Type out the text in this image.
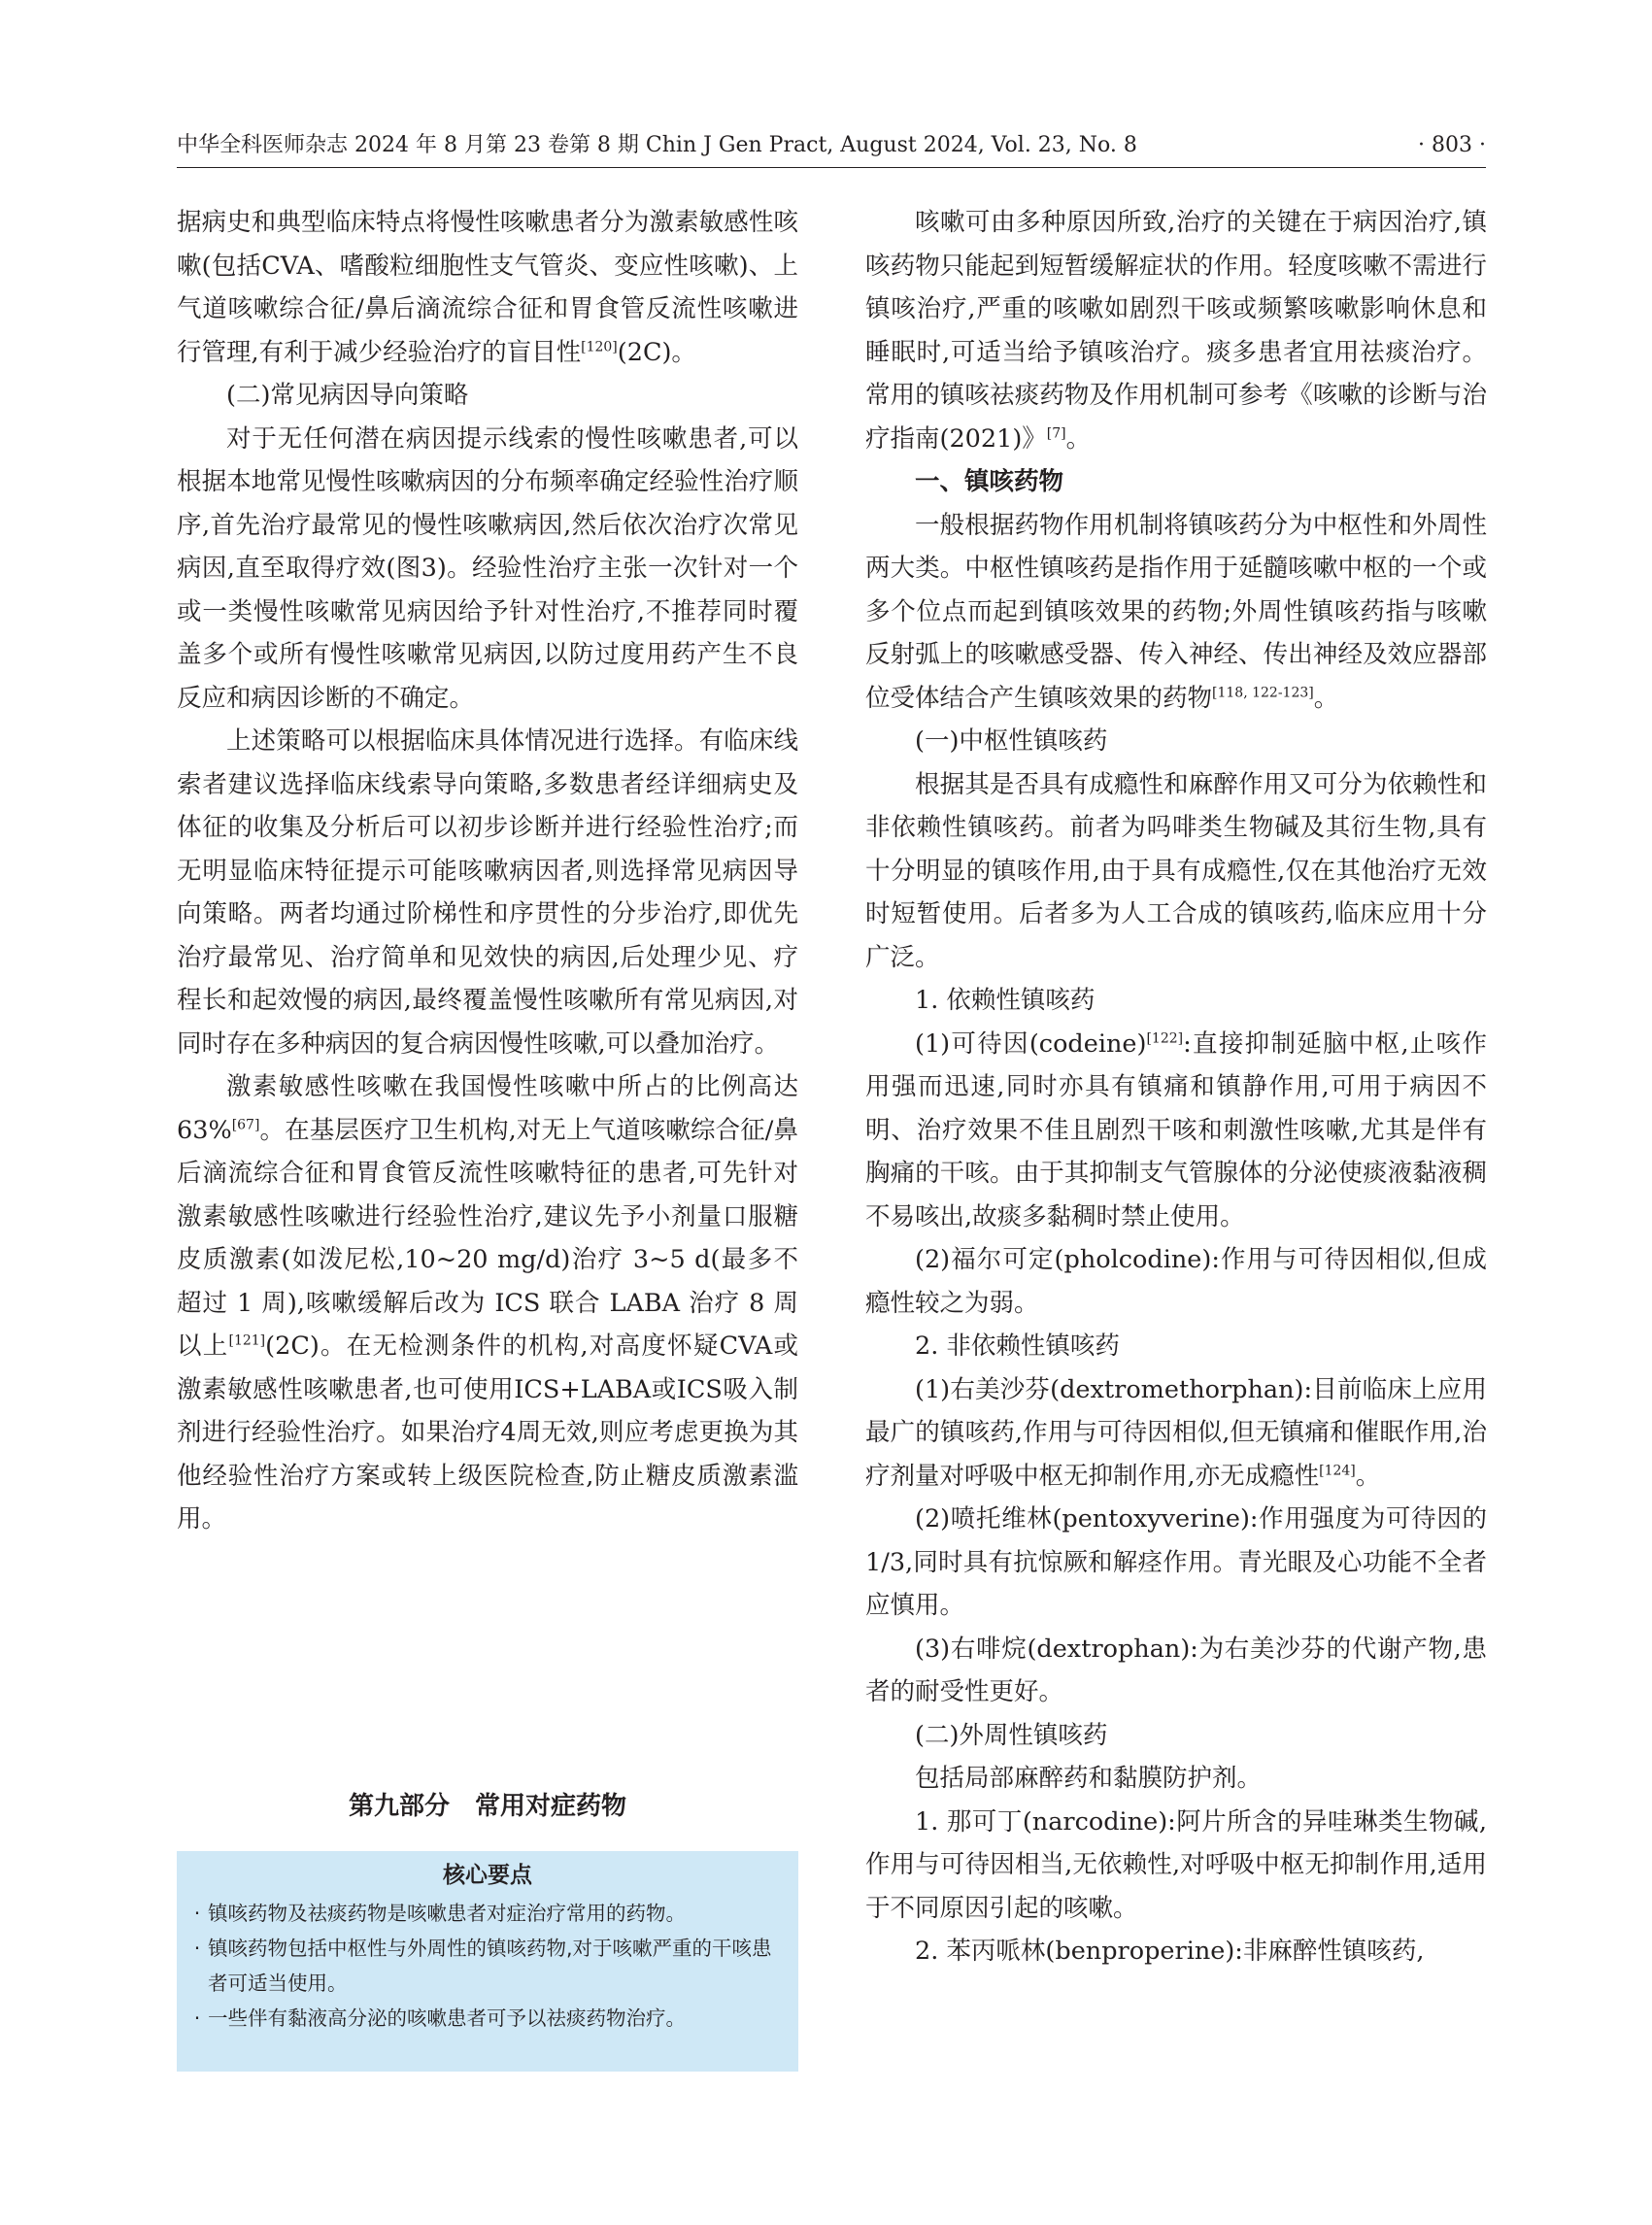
中华全科医师杂志 2024 年 8 月第 23 卷第 8 期 Chin J Gen Pract, August 2024, Vol. 23, No. 8	· 803 ·

据病史和典型临床特点将慢性咳嗽患者分为激素敏感性咳嗽(包括CVA、嗜酸粒细胞性支气管炎、变应性咳嗽)、上气道咳嗽综合征/鼻后滴流综合征和胃食管反流性咳嗽进行管理,有利于减少经验治疗的盲目性[120](2C)。

(二)常见病因导向策略

对于无任何潜在病因提示线索的慢性咳嗽患者,可以根据本地常见慢性咳嗽病因的分布频率确定经验性治疗顺序,首先治疗最常见的慢性咳嗽病因,然后依次治疗次常见病因,直至取得疗效(图3)。经验性治疗主张一次针对一个或一类慢性咳嗽常见病因给予针对性治疗,不推荐同时覆盖多个或所有慢性咳嗽常见病因,以防过度用药产生不良反应和病因诊断的不确定。

上述策略可以根据临床具体情况进行选择。有临床线索者建议选择临床线索导向策略,多数患者经详细病史及体征的收集及分析后可以初步诊断并进行经验性治疗;而无明显临床特征提示可能咳嗽病因者,则选择常见病因导向策略。两者均通过阶梯性和序贯性的分步治疗,即优先治疗最常见、治疗简单和见效快的病因,后处理少见、疗程长和起效慢的病因,最终覆盖慢性咳嗽所有常见病因,对同时存在多种病因的复合病因慢性咳嗽,可以叠加治疗。

激素敏感性咳嗽在我国慢性咳嗽中所占的比例高达63%[67]。在基层医疗卫生机构,对无上气道咳嗽综合征/鼻后滴流综合征和胃食管反流性咳嗽特征的患者,可先针对激素敏感性咳嗽进行经验性治疗,建议先予小剂量口服糖皮质激素(如泼尼松,10~20 mg/d)治疗 3~5 d(最多不超过 1 周),咳嗽缓解后改为 ICS 联合 LABA 治疗 8 周以上[121](2C)。在无检测条件的机构,对高度怀疑CVA或激素敏感性咳嗽患者,也可使用ICS+LABA或ICS吸入制剂进行经验性治疗。如果治疗4周无效,则应考虑更换为其他经验性治疗方案或转上级医院检查,防止糖皮质激素滥用。

第九部分　常用对症药物

核心要点

· 镇咳药物及祛痰药物是咳嗽患者对症治疗常用的药物。
· 镇咳药物包括中枢性与外周性的镇咳药物,对于咳嗽严重的干咳患者可适当使用。
· 一些伴有黏液高分泌的咳嗽患者可予以祛痰药物治疗。

咳嗽可由多种原因所致,治疗的关键在于病因治疗,镇咳药物只能起到短暂缓解症状的作用。轻度咳嗽不需进行镇咳治疗,严重的咳嗽如剧烈干咳或频繁咳嗽影响休息和睡眠时,可适当给予镇咳治疗。痰多患者宜用祛痰治疗。常用的镇咳祛痰药物及作用机制可参考《咳嗽的诊断与治疗指南(2021)》[7]。

一、镇咳药物

一般根据药物作用机制将镇咳药分为中枢性和外周性两大类。中枢性镇咳药是指作用于延髓咳嗽中枢的一个或多个位点而起到镇咳效果的药物;外周性镇咳药指与咳嗽反射弧上的咳嗽感受器、传入神经、传出神经及效应器部位受体结合产生镇咳效果的药物[118, 122-123]。

(一)中枢性镇咳药

根据其是否具有成瘾性和麻醉作用又可分为依赖性和非依赖性镇咳药。前者为吗啡类生物碱及其衍生物,具有十分明显的镇咳作用,由于具有成瘾性,仅在其他治疗无效时短暂使用。后者多为人工合成的镇咳药,临床应用十分广泛。

1. 依赖性镇咳药

(1)可待因(codeine)[122]:直接抑制延脑中枢,止咳作用强而迅速,同时亦具有镇痛和镇静作用,可用于病因不明、治疗效果不佳且剧烈干咳和刺激性咳嗽,尤其是伴有胸痛的干咳。由于其抑制支气管腺体的分泌使痰液黏液稠不易咳出,故痰多黏稠时禁止使用。

(2)福尔可定(pholcodine):作用与可待因相似,但成瘾性较之为弱。

2. 非依赖性镇咳药

(1)右美沙芬(dextromethorphan):目前临床上应用最广的镇咳药,作用与可待因相似,但无镇痛和催眠作用,治疗剂量对呼吸中枢无抑制作用,亦无成瘾性[124]。

(2)喷托维林(pentoxyverine):作用强度为可待因的1/3,同时具有抗惊厥和解痉作用。青光眼及心功能不全者应慎用。

(3)右啡烷(dextrophan):为右美沙芬的代谢产物,患者的耐受性更好。

(二)外周性镇咳药

包括局部麻醉药和黏膜防护剂。

1. 那可丁(narcodine):阿片所含的异哇琳类生物碱,作用与可待因相当,无依赖性,对呼吸中枢无抑制作用,适用于不同原因引起的咳嗽。

2. 苯丙哌林(benproperine):非麻醉性镇咳药,
